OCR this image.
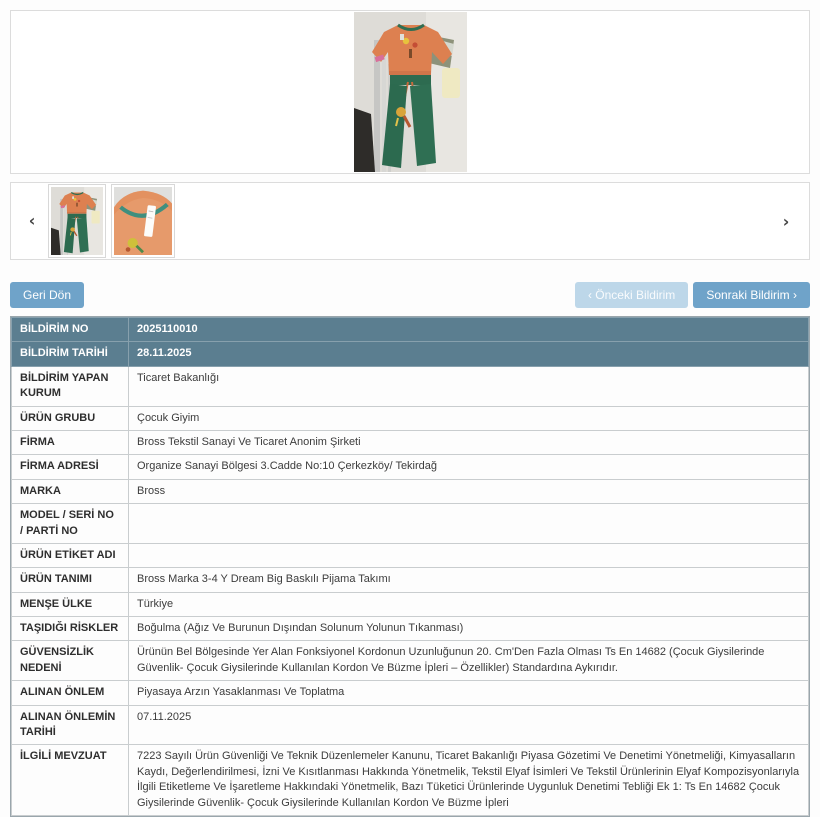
‹	›
Geri Dön	‹ Önceki Bildirim	Sonraki Bildirim ›
BİLDİRİM NO	2025110010
BİLDİRİM TARİHİ	28.11.2025
BİLDİRİM YAPAN KURUM	Ticaret Bakanlığı
ÜRÜN GRUBU	Çocuk Giyim
FİRMA	Bross Tekstil Sanayi Ve Ticaret Anonim Şirketi
FİRMA ADRESİ	Organize Sanayi Bölgesi 3.Cadde No:10 Çerkezköy/ Tekirdağ
MARKA	Bross
MODEL / SERİ NO / PARTİ NO	
ÜRÜN ETİKET ADI	
ÜRÜN TANIMI	Bross Marka 3-4 Y Dream Big Baskılı Pijama Takımı
MENŞE ÜLKE	Türkiye
TAŞIDIĞI RİSKLER	Boğulma (Ağız Ve Burunun Dışından Solunum Yolunun Tıkanması)
GÜVENSİZLİK NEDENİ	Ürünün Bel Bölgesinde Yer Alan Fonksiyonel Kordonun Uzunluğunun 20. Cm'Den Fazla Olması Ts En 14682 (Çocuk Giysilerinde Güvenlik- Çocuk Giysilerinde Kullanılan Kordon Ve Büzme İpleri – Özellikler) Standardına Aykırıdır.
ALINAN ÖNLEM	Piyasaya Arzın Yasaklanması Ve Toplatma
ALINAN ÖNLEMİN TARİHİ	07.11.2025
İLGİLİ MEVZUAT	7223 Sayılı Ürün Güvenliği Ve Teknik Düzenlemeler Kanunu, Ticaret Bakanlığı Piyasa Gözetimi Ve Denetimi Yönetmeliği, Kimyasalların Kaydı, Değerlendirilmesi, İzni Ve Kısıtlanması Hakkında Yönetmelik, Tekstil Elyaf İsimleri Ve Tekstil Ürünlerinin Elyaf Kompozisyonlarıyla İlgili Etiketleme Ve İşaretleme Hakkındaki Yönetmelik, Bazı Tüketici Ürünlerinde Uygunluk Denetimi Tebliği Ek 1: Ts En 14682 Çocuk Giysilerinde Güvenlik- Çocuk Giysilerinde Kullanılan Kordon Ve Büzme İpleri
